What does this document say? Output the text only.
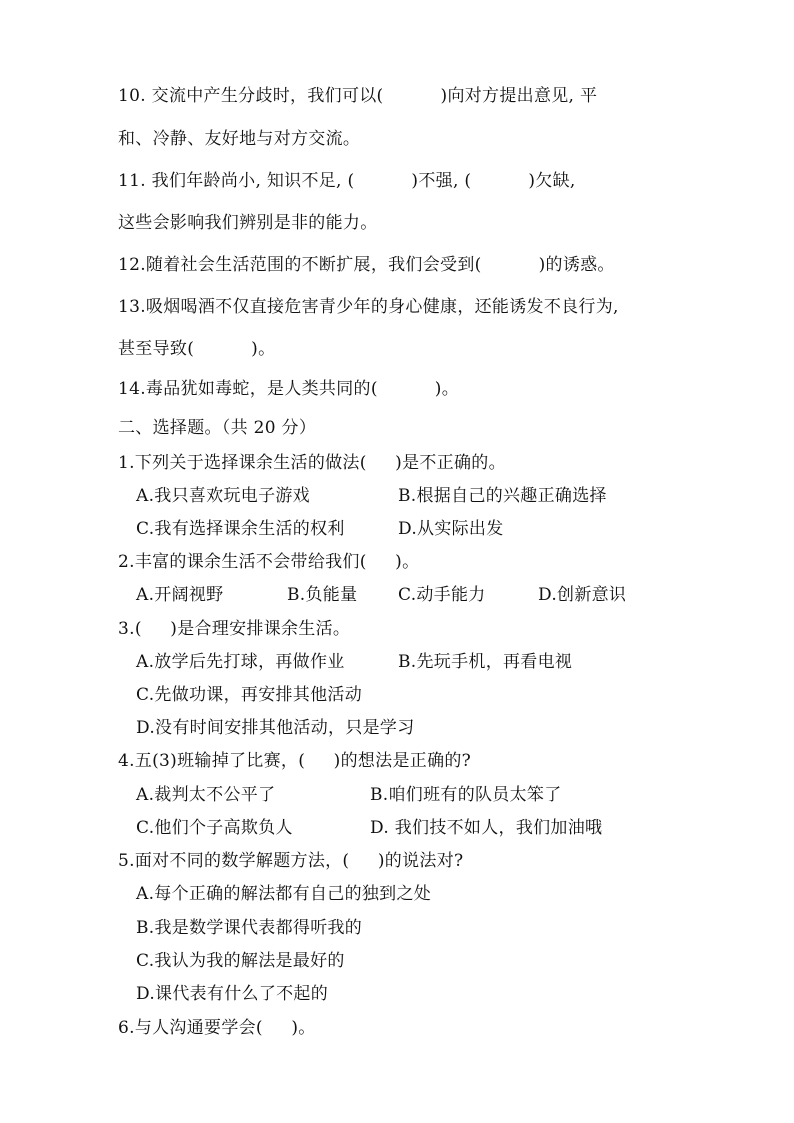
10. 交流中产生分歧时，我们可以(          )向对方提出意见, 平
和、冷静、友好地与对方交流。
11. 我们年龄尚小, 知识不足, (          )不强, (          )欠缺,
这些会影响我们辨别是非的能力。
12.随着社会生活范围的不断扩展，我们会受到(          )的诱惑。
13.吸烟喝酒不仅直接危害青少年的身心健康，还能诱发不良行为,
甚至导致(          )。
14.毒品犹如毒蛇，是人类共同的(          )。
二、选择题。（共 20 分）
1.下列关于选择课余生活的做法(     )是不正确的。
A.我只喜欢玩电子游戏	B.根据自己的兴趣正确选择
C.我有选择课余生活的权利	D.从实际出发
2.丰富的课余生活不会带给我们(     )。
A.开阔视野	B.负能量 C.动手能力	D.创新意识
3.(     )是合理安排课余生活。
A.放学后先打球，再做作业	B.先玩手机，再看电视
C.先做功课，再安排其他活动
D.没有时间安排其他活动，只是学习
4.五(3)班输掉了比赛，(     )的想法是正确的?
A.裁判太不公平了	B.咱们班有的队员太笨了
C.他们个子高欺负人	D. 我们技不如人，我们加油哦
5.面对不同的数学解题方法，(     )的说法对?
A.每个正确的解法都有自己的独到之处
B.我是数学课代表都得听我的
C.我认为我的解法是最好的
D.课代表有什么了不起的
6.与人沟通要学会(     )。
